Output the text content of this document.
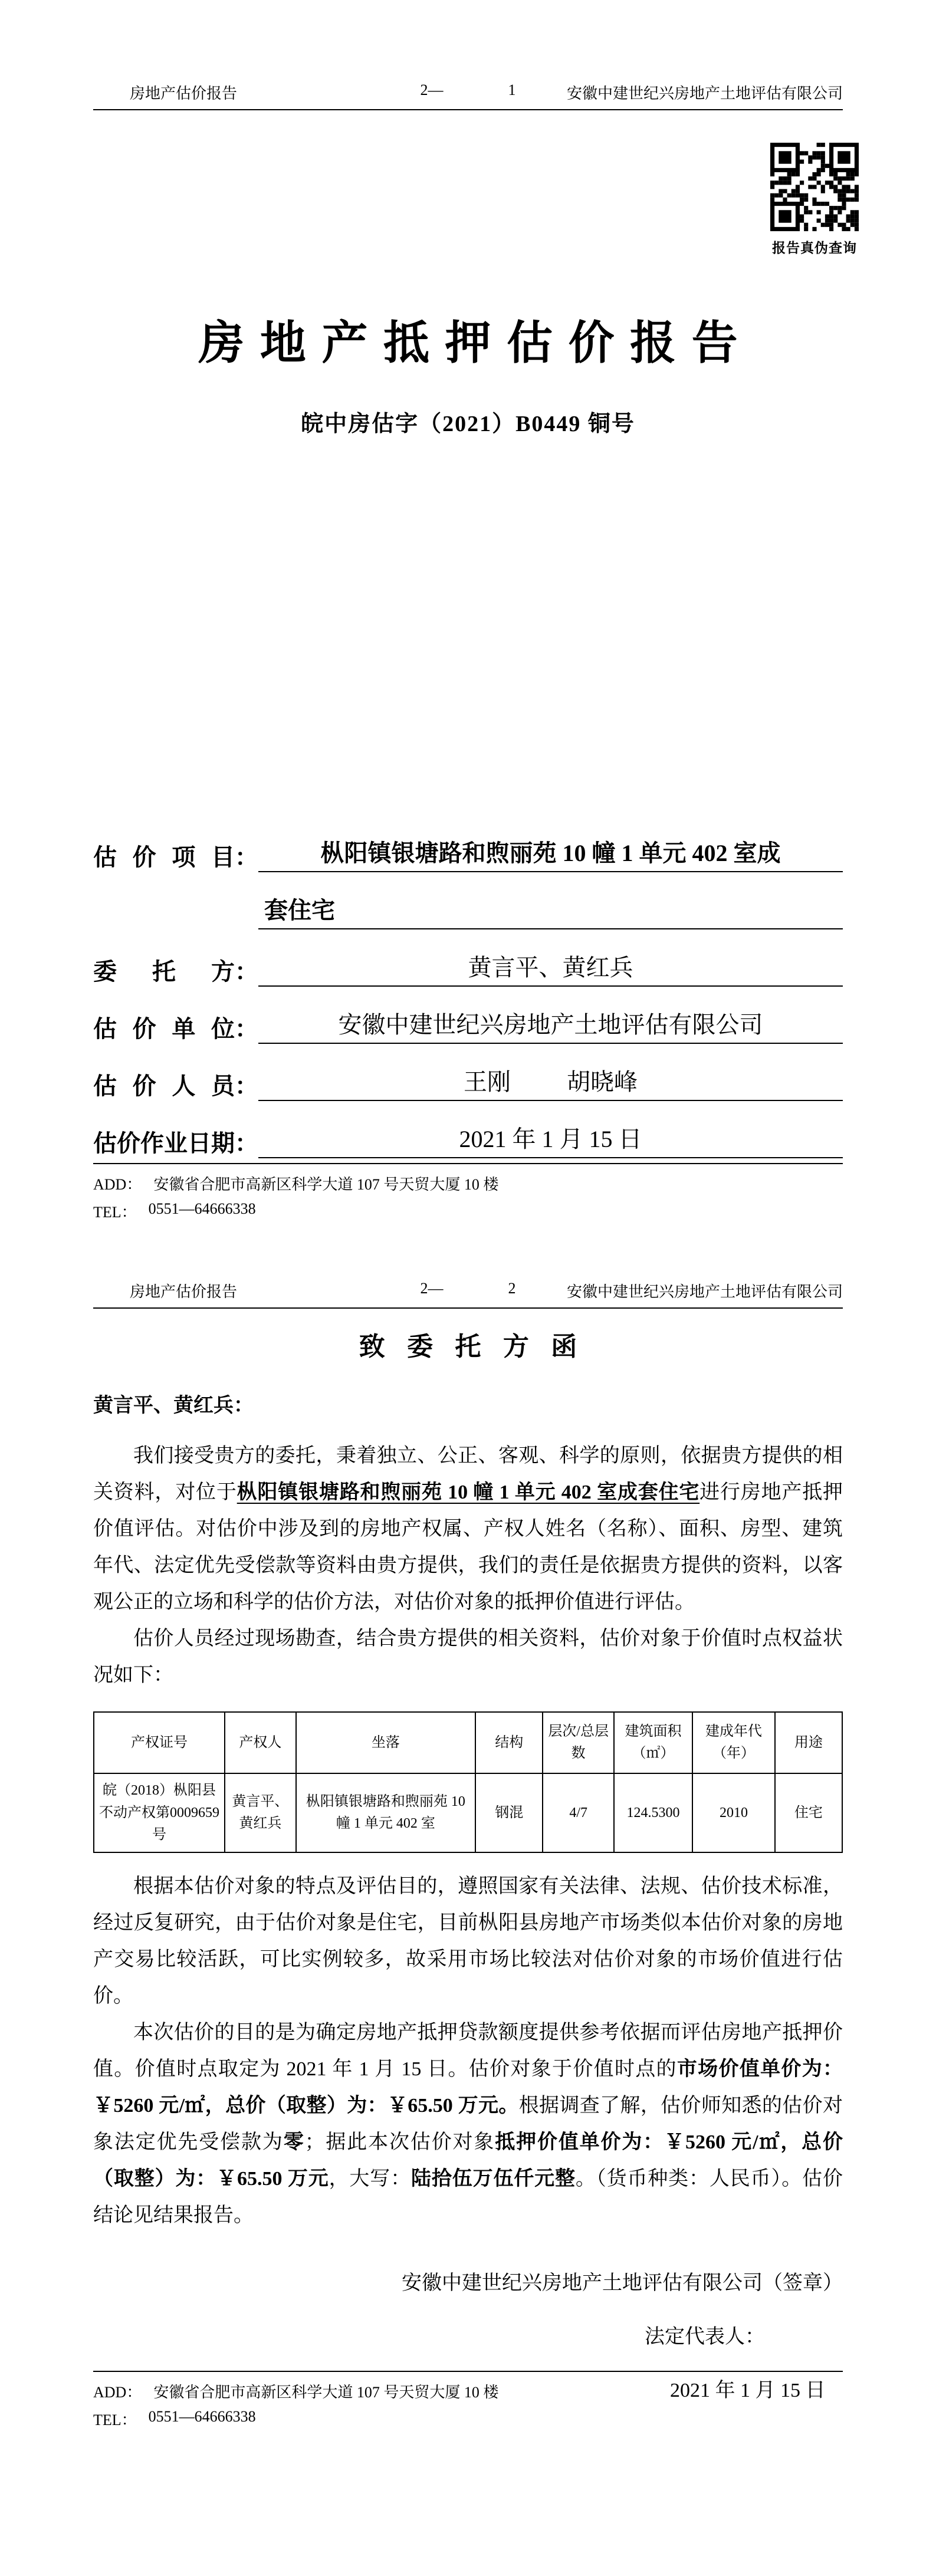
房地产估价报告	2—	1	安徽中建世纪兴房地产土地评估有限公司
报告真伪查询
房地产抵押估价报告
皖中房估字（2021）B0449 铜号
估价项目：	枞阳镇银塘路和煦丽苑 10 幢 1 单元 402 室成
套住宅
委托方：	黄言平、黄红兵
估价单位：	安徽中建世纪兴房地产土地评估有限公司
估价人员：	王刚 胡晓峰
估价作业日期：	2021 年 1 月 15 日
ADD： 安徽省合肥市高新区科学大道 107 号天贸大厦 10 楼
TEL： 0551—64666338
房地产估价报告	2—	2	安徽中建世纪兴房地产土地评估有限公司
致委托方函

黄言平、黄红兵：

我们接受贵方的委托，秉着独立、公正、客观、科学的原则，依据贵方提供的相关资料，对位于枞阳镇银塘路和煦丽苑 10 幢 1 单元 402 室成套住宅进行房地产抵押价值评估。对估价中涉及到的房地产权属、产权人姓名（名称）、面积、房型、建筑年代、法定优先受偿款等资料由贵方提供，我们的责任是依据贵方提供的资料，以客观公正的立场和科学的估价方法，对估价对象的抵押价值进行评估。

估价人员经过现场勘查，结合贵方提供的相关资料，估价对象于价值时点权益状况如下：

产权证号	产权人	坐落	结构	层次/总层数	建筑面积（㎡）	建成年代（年）	用途
皖（2018）枞阳县不动产权第0009659 号	黄言平、黄红兵	枞阳镇银塘路和煦丽苑 10 幢 1 单元 402 室	钢混	4/7	124.5300	2010	住宅

根据本估价对象的特点及评估目的，遵照国家有关法律、法规、估价技术标准，经过反复研究，由于估价对象是住宅，目前枞阳县房地产市场类似本估价对象的房地产交易比较活跃，可比实例较多，故采用市场比较法对估价对象的市场价值进行估价。

本次估价的目的是为确定房地产抵押贷款额度提供参考依据而评估房地产抵押价值。价值时点取定为 2021 年 1 月 15 日。估价对象于价值时点的市场价值单价为：￥5260 元/㎡，总价（取整）为：￥65.50 万元。根据调查了解，估价师知悉的估价对象法定优先受偿款为零；据此本次估价对象抵押价值单价为：￥5260 元/㎡，总价（取整）为：￥65.50 万元，大写：陆拾伍万伍仟元整。（货币种类：人民币）。估价结论见结果报告。

安徽中建世纪兴房地产土地评估有限公司（签章）
法定代表人：
2021 年 1 月 15 日
ADD： 安徽省合肥市高新区科学大道 107 号天贸大厦 10 楼
TEL： 0551—64666338
